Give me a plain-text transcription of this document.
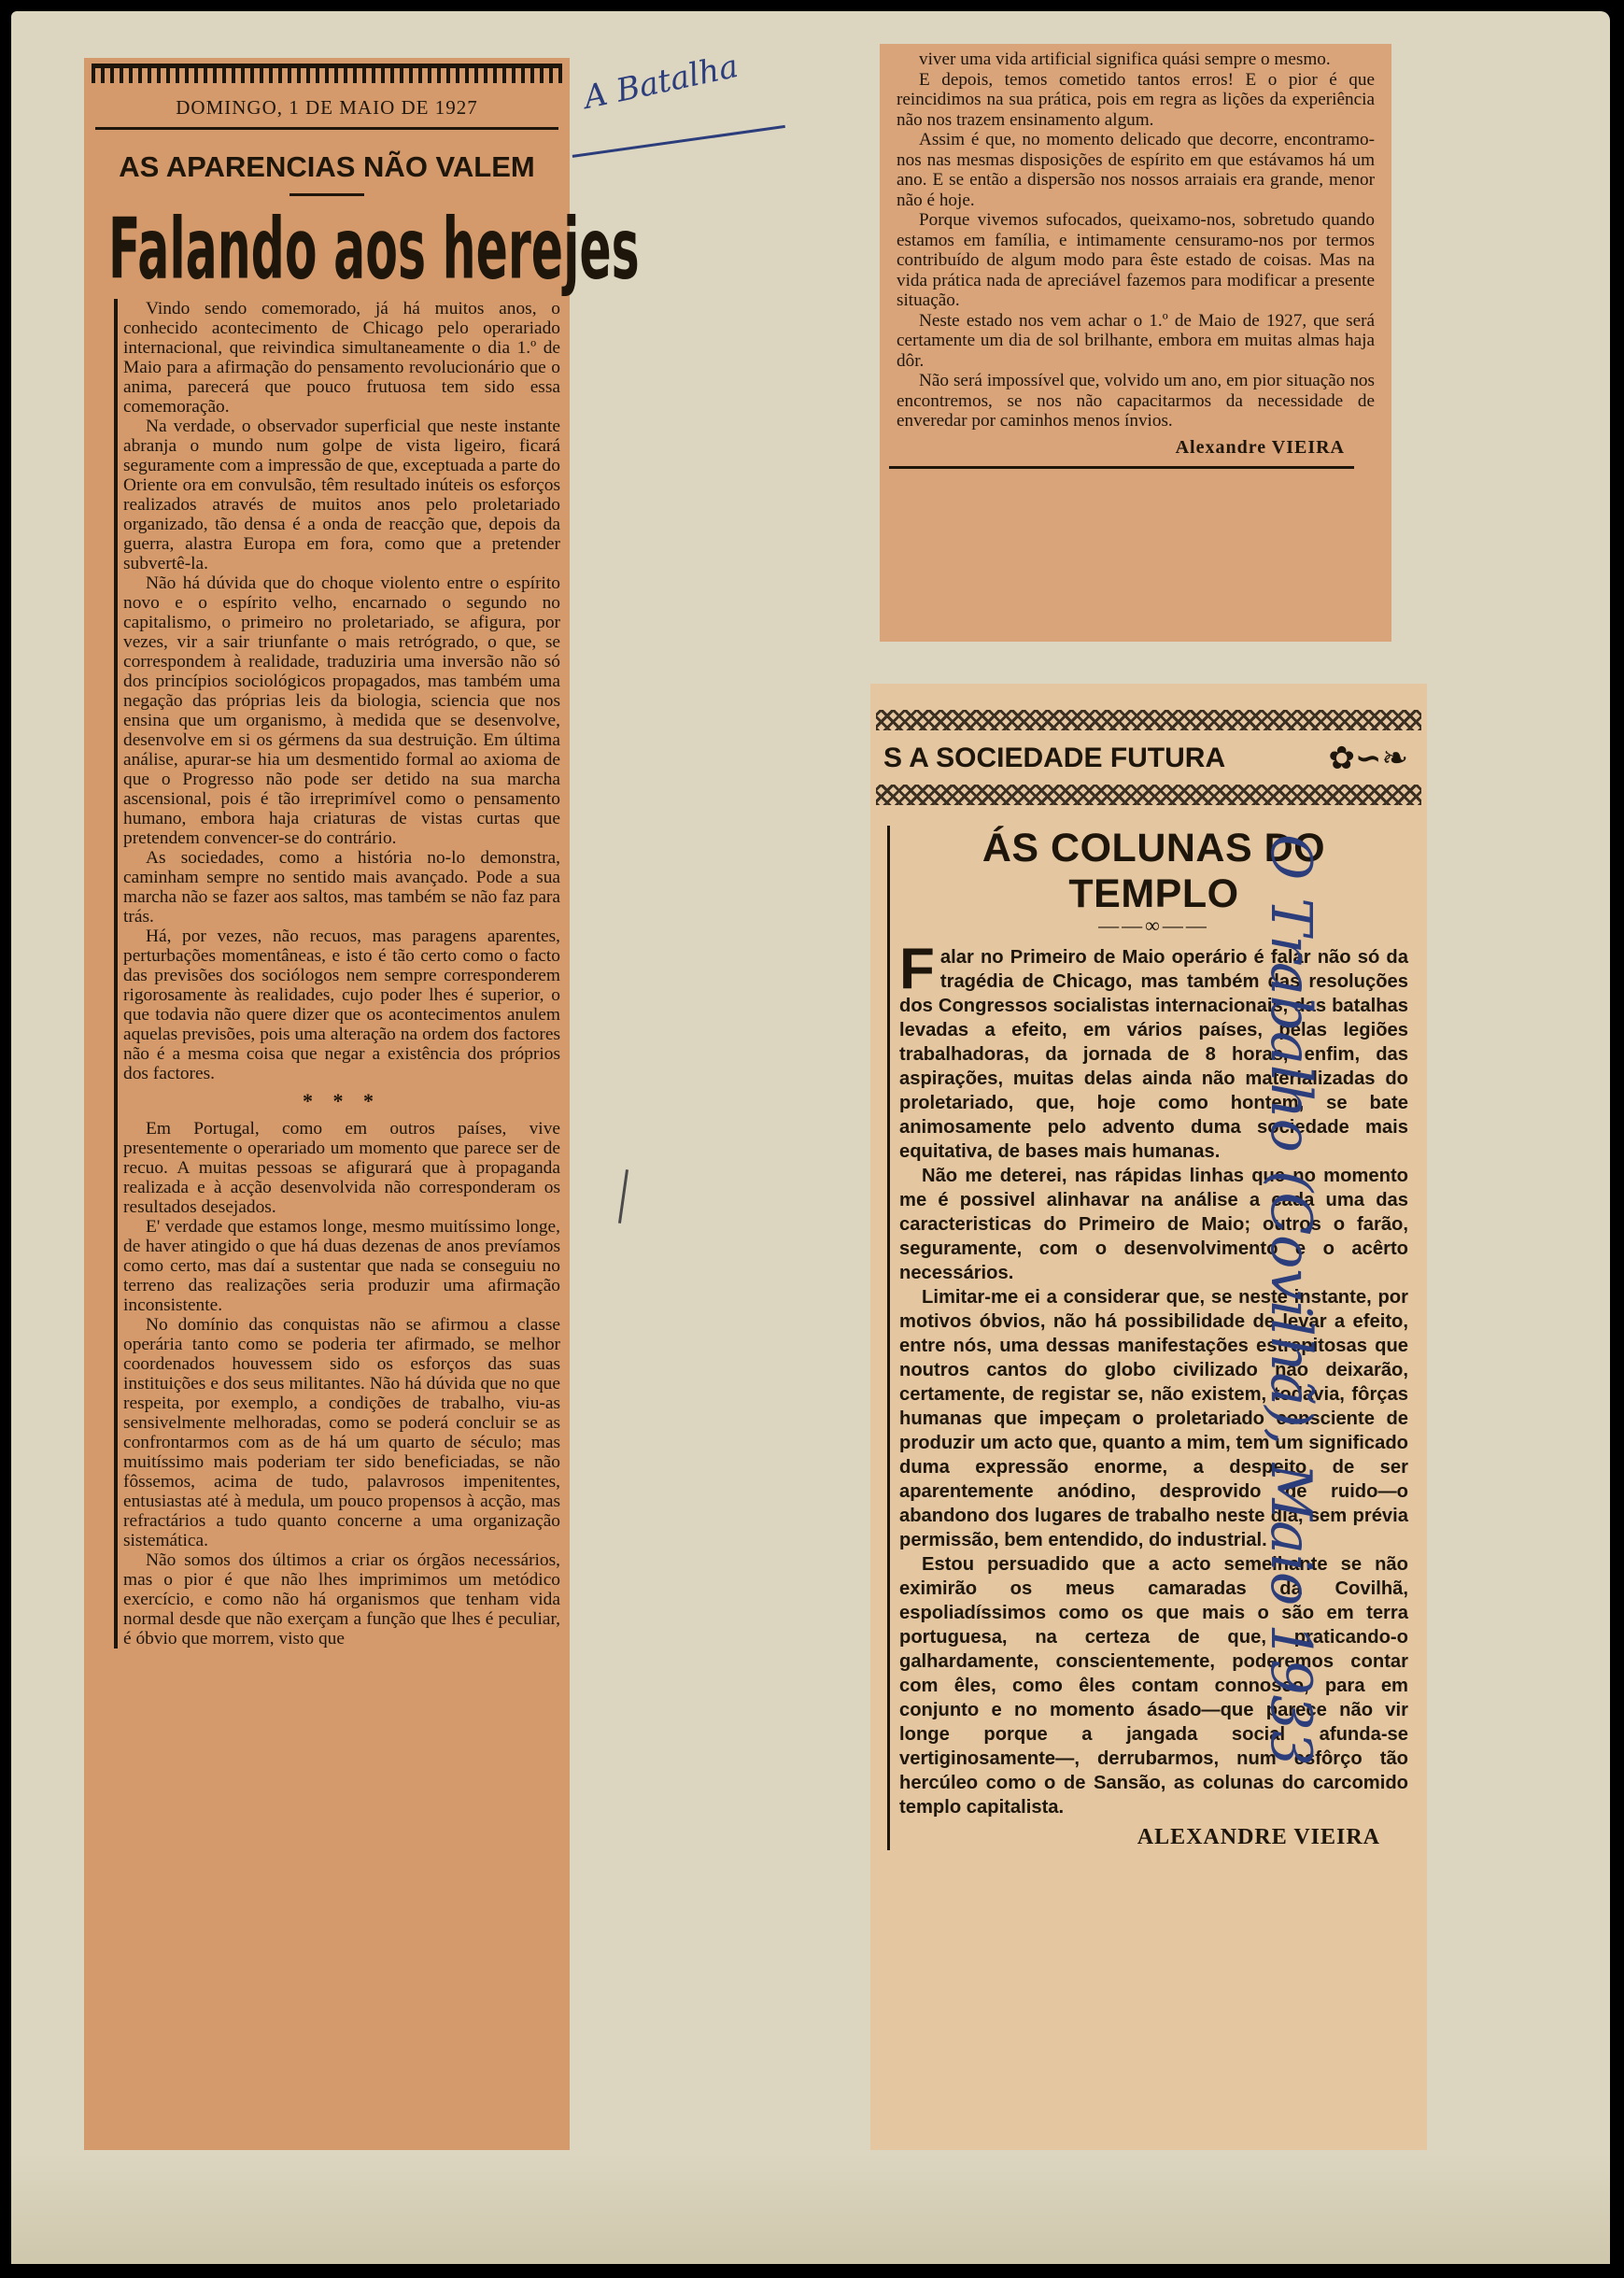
DOMINGO, 1 DE MAIO DE 1927
AS APARENCIAS NÃO VALEM
Falando aos herejes

Vindo sendo comemorado, já há muitos anos, o conhecido acontecimento de Chicago pelo operariado internacional, que reivindica simultaneamente o dia 1.º de Maio para a afirmação do pensamento revolucionário que o anima, parecerá que pouco frutuosa tem sido essa comemoração.

Na verdade, o observador superficial que neste instante abranja o mundo num golpe de vista ligeiro, ficará seguramente com a impressão de que, exceptuada a parte do Oriente ora em convulsão, têm resultado inúteis os esforços realizados através de muitos anos pelo proletariado organizado, tão densa é a onda de reacção que, depois da guerra, alastra Europa em fora, como que a pretender subvertê-la.

Não há dúvida que do choque violento entre o espírito novo e o espírito velho, encarnado o segundo no capitalismo, o primeiro no proletariado, se afigura, por vezes, vir a sair triunfante o mais retrógrado, o que, se correspondem à realidade, traduziria uma inversão não só dos princípios sociológicos propagados, mas também uma negação das próprias leis da biologia, sciencia que nos ensina que um organismo, à medida que se desenvolve, desenvolve em si os gérmens da sua destruição. Em última análise, apurar-se hia um desmentido formal ao axioma de que o Progresso não pode ser detido na sua marcha ascensional, pois é tão irreprimível como o pensamento humano, embora haja criaturas de vistas curtas que pretendem convencer-se do contrário.

As sociedades, como a história no-lo demonstra, caminham sempre no sentido mais avançado. Pode a sua marcha não se fazer aos saltos, mas também se não faz para trás.

Há, por vezes, não recuos, mas paragens aparentes, perturbações momentâneas, e isto é tão certo como o facto das previsões dos sociólogos nem sempre corresponderem rigorosamente às realidades, cujo poder lhes é superior, o que todavia não quere dizer que os acontecimentos anulem aquelas previsões, pois uma alteração na ordem dos factores não é a mesma coisa que negar a existência dos próprios dos factores.

* * *

Em Portugal, como em outros países, vive presentemente o operariado um momento que parece ser de recuo. A muitas pessoas se afigurará que à propaganda realizada e à acção desenvolvida não corresponderam os resultados desejados.

E' verdade que estamos longe, mesmo muitíssimo longe, de haver atingido o que há duas dezenas de anos prevíamos como certo, mas daí a sustentar que nada se conseguiu no terreno das realizações seria produzir uma afirmação inconsistente.

No domínio das conquistas não se afirmou a classe operária tanto como se poderia ter afirmado, se melhor coordenados houvessem sido os esforços das suas instituições e dos seus militantes. Não há dúvida que no que respeita, por exemplo, a condições de trabalho, viu-as sensivelmente melhoradas, como se poderá concluir se as confrontarmos com as de há um quarto de século; mas muitíssimo mais poderiam ter sido beneficiadas, se não fôssemos, acima de tudo, palavrosos impenitentes, entusiastas até à medula, um pouco propensos à acção, mas refractários a tudo quanto concerne a uma organização sistemática.

Não somos dos últimos a criar os órgãos necessários, mas o pior é que não lhes imprimimos um metódico exercício, e como não há organismos que tenham vida normal desde que não exerçam a função que lhes é peculiar, é óbvio que morrem, visto que

viver uma vida artificial significa quási sempre o mesmo.

E depois, temos cometido tantos erros! E o pior é que reincidimos na sua prática, pois em regra as lições da experiência não nos trazem ensinamento algum.

Assim é que, no momento delicado que decorre, encontramo-nos nas mesmas disposições de espírito em que estávamos há um ano. E se então a dispersão nos nossos arraiais era grande, menor não é hoje.

Porque vivemos sufocados, queixamo-nos, sobretudo quando estamos em família, e intimamente censuramo-nos por termos contribuído de algum modo para êste estado de coisas. Mas na vida prática nada de apreciável fazemos para modificar a presente situação.

Neste estado nos vem achar o 1.º de Maio de 1927, que será certamente um dia de sol brilhante, embora em muitas almas haja dôr.

Não será impossível que, volvido um ano, em pior situação nos encontremos, se nos não capacitarmos da necessidade de enveredar por caminhos menos ínvios.

Alexandre VIEIRA
S A SOCIEDADE FUTURA	✿∽❧
ÁS COLUNAS DO TEMPLO
——∞——

Falar no Primeiro de Maio operário é falar não só da tragédia de Chicago, mas também das resoluções dos Congressos socialistas internacionais, das batalhas levadas a efeito, em vários países, pelas legiões trabalhadoras, da jornada de 8 horas, enfim, das aspirações, muitas delas ainda não materializadas do proletariado, que, hoje como hontem, se bate animosamente pelo advento duma sociedade mais equitativa, de bases mais humanas.

Não me deterei, nas rápidas linhas que no momento me é possivel alinhavar na análise a cada uma das caracteristicas do Primeiro de Maio; outros o farão, seguramente, com o desenvolvimento e o acêrto necessários.

Limitar-me ei a considerar que, se neste instante, por motivos óbvios, não há possibilidade de levar a efeito, entre nós, uma dessas manifestações estrepitosas que noutros cantos do globo civilizado não deixarão, certamente, de registar se, não existem, todavia, fôrças humanas que impeçam o proletariado consciente de produzir um acto que, quanto a mim, tem um significado duma expressão enorme, a despeito de ser aparentemente anódino, desprovido de ruido—o abandono dos lugares de trabalho neste dia, sem prévia permissão, bem entendido, do industrial.

Estou persuadido que a acto semelhante se não eximirão os meus camaradas da Covilhã, espoliadíssimos como os que mais o são em terra portuguesa, na certeza de que, praticando-o galhardamente, conscientemente, poderemos contar com êles, como êles contam connosco, para em conjunto e no momento ásado—que parece não vir longe porque a jangada social afunda-se vertiginosamente—, derrubarmos, num esfôrço tão hercúleo como o de Sansão, as colunas do carcomido templo capitalista.

ALEXANDRE VIEIRA
A Batalha
O Trabalho (Covilhã), Maio 1933
